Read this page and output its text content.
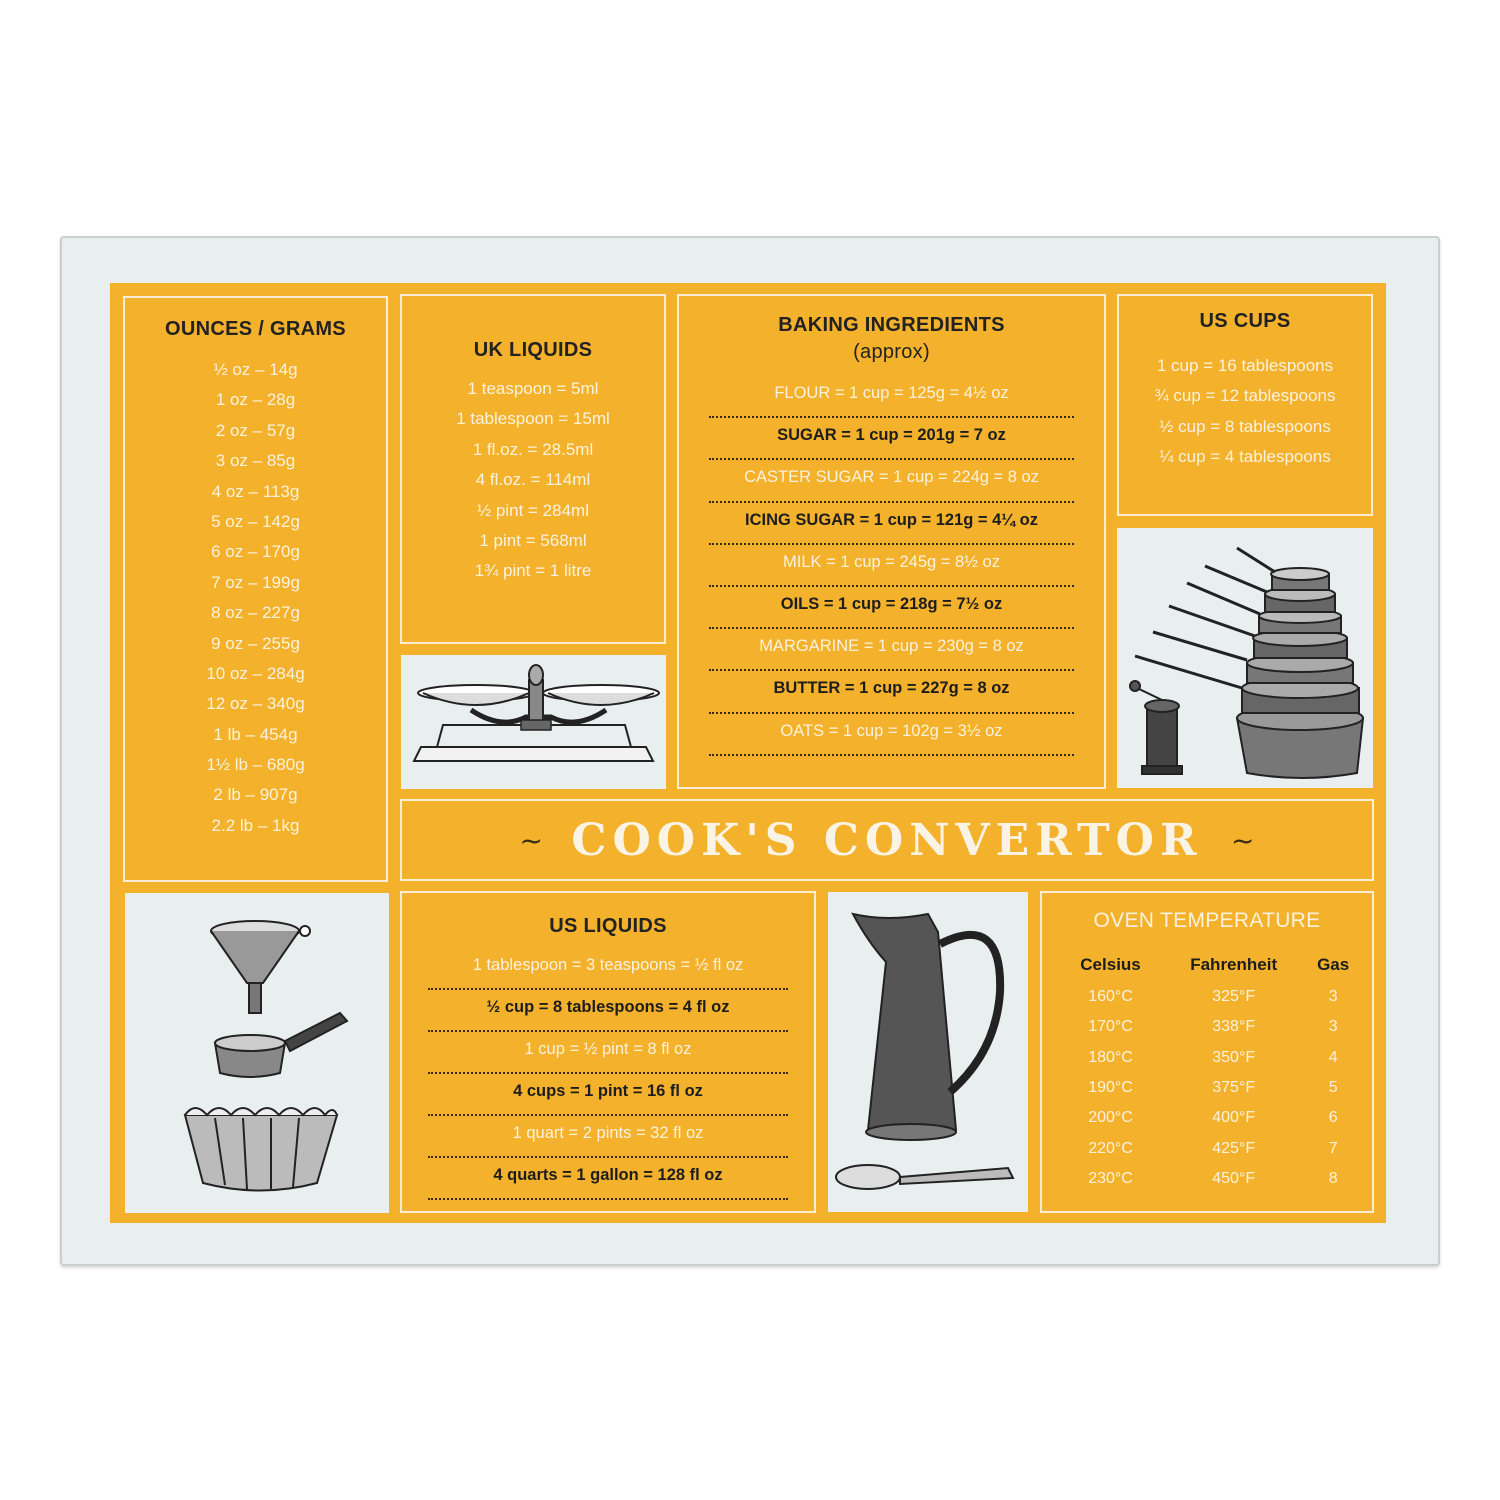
OUNCES / GRAMS
½ oz – 14g
1 oz – 28g
2 oz – 57g
3 oz – 85g
4 oz – 113g
5 oz – 142g
6 oz – 170g
7 oz – 199g
8 oz – 227g
9 oz – 255g
10 oz – 284g
12 oz – 340g
1 lb – 454g
1½ lb – 680g
2 lb – 907g
2.2 lb – 1kg
UK LIQUIDS
1 teaspoon = 5ml
1 tablespoon = 15ml
1 fl.oz. = 28.5ml
4 fl.oz. = 114ml
½ pint = 284ml
1 pint = 568ml
1¾ pint = 1 litre
BAKING INGREDIENTS
(approx)
FLOUR = 1 cup = 125g = 4½ oz
SUGAR = 1 cup = 201g = 7 oz
CASTER SUGAR = 1 cup = 224g = 8 oz
ICING SUGAR = 1 cup = 121g = 4¼ oz
MILK = 1 cup = 245g = 8½ oz
OILS = 1 cup = 218g = 7½ oz
MARGARINE = 1 cup = 230g = 8 oz
BUTTER = 1 cup = 227g = 8 oz
OATS = 1 cup = 102g = 3½ oz
US CUPS
1 cup = 16 tablespoons
¾ cup = 12 tablespoons
½ cup = 8 tablespoons
¼ cup = 4 tablespoons
~ COOK'S CONVERTOR ~
US LIQUIDS
1 tablespoon = 3 teaspoons = ½ fl oz
½ cup = 8 tablespoons = 4 fl oz
1 cup = ½ pint = 8 fl oz
4 cups = 1 pint = 16 fl oz
1 quart = 2 pints = 32 fl oz
4 quarts = 1 gallon = 128 fl oz
OVEN TEMPERATURE
Celsius	Fahrenheit	Gas
160°C	325°F	3
170°C	338°F	3
180°C	350°F	4
190°C	375°F	5
200°C	400°F	6
220°C	425°F	7
230°C	450°F	8
